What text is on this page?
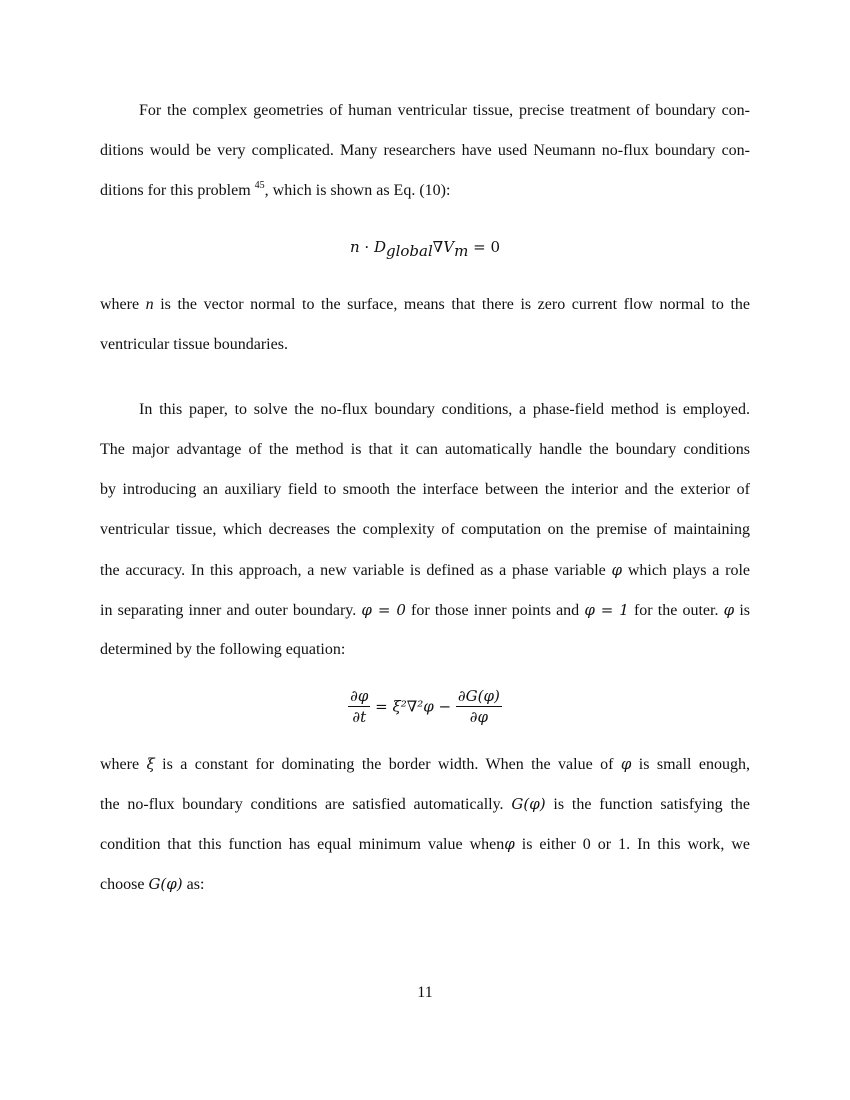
For the complex geometries of human ventricular tissue, precise treatment of boundary con-
ditions would be very complicated. Many researchers have used Neumann no-flux boundary con-
ditions for this problem $^{45}$, which is shown as Eq. (10):
$n \cdot D_{global}\nabla V_m = 0$
where n is the vector normal to the surface, means that there is zero current flow normal to the
ventricular tissue boundaries.
In this paper, to solve the no-flux boundary conditions, a phase-field method is employed.
The major advantage of the method is that it can automatically handle the boundary conditions
by introducing an auxiliary field to smooth the interface between the interior and the exterior of
ventricular tissue, which decreases the complexity of computation on the premise of maintaining
the accuracy. In this approach, a new variable is defined as a phase variable φ which plays a role
in separating inner and outer boundary. φ = 0 for those inner points and φ = 1 for the outer. φ is
determined by the following equation:
$\frac{\partial\varphi}{\partial t} = \xi^2\nabla^2\varphi - \frac{\partial G(\varphi)}{\partial\varphi}$
where ξ is a constant for dominating the border width. When the value of φ is small enough,
the no-flux boundary conditions are satisfied automatically. G(φ) is the function satisfying the
condition that this function has equal minimum value whenφ is either 0 or 1. In this work, we
choose G(φ) as:
11
